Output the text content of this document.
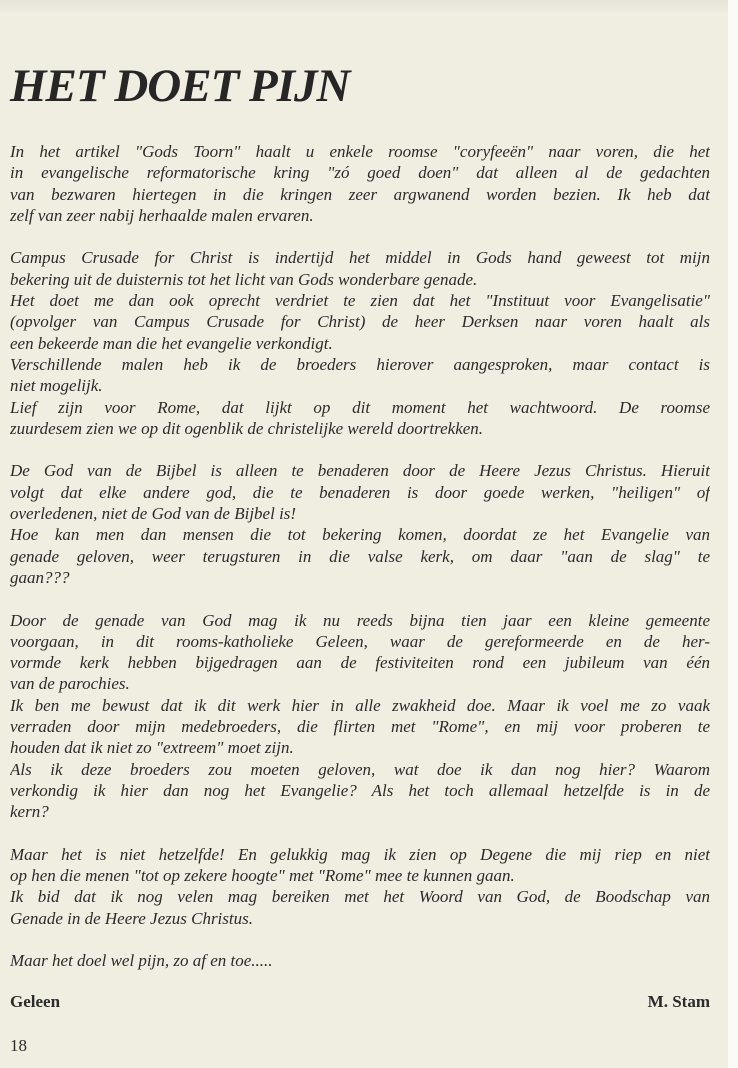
HET DOET PIJN
In het artikel "Gods Toorn" haalt u enkele roomse "coryfeeën" naar voren, die het
in evangelische reformatorische kring "zó goed doen" dat alleen al de gedachten
van bezwaren hiertegen in die kringen zeer argwanend worden bezien. Ik heb dat
zelf van zeer nabij herhaalde malen ervaren.
Campus Crusade for Christ is indertijd het middel in Gods hand geweest tot mijn
bekering uit de duisternis tot het licht van Gods wonderbare genade.
Het doet me dan ook oprecht verdriet te zien dat het "Instituut voor Evangelisatie"
(opvolger van Campus Crusade for Christ) de heer Derksen naar voren haalt als
een bekeerde man die het evangelie verkondigt.
Verschillende malen heb ik de broeders hierover aangesproken, maar contact is
niet mogelijk.
Lief zijn voor Rome, dat lijkt op dit moment het wachtwoord. De roomse
zuurdesem zien we op dit ogenblik de christelijke wereld doortrekken.
De God van de Bijbel is alleen te benaderen door de Heere Jezus Christus. Hieruit
volgt dat elke andere god, die te benaderen is door goede werken, "heiligen" of
overledenen, niet de God van de Bijbel is!
Hoe kan men dan mensen die tot bekering komen, doordat ze het Evangelie van
genade geloven, weer terugsturen in die valse kerk, om daar "aan de slag" te
gaan???
Door de genade van God mag ik nu reeds bijna tien jaar een kleine gemeente
voorgaan, in dit rooms-katholieke Geleen, waar de gereformeerde en de her-
vormde kerk hebben bijgedragen aan de festiviteiten rond een jubileum van één
van de parochies.
Ik ben me bewust dat ik dit werk hier in alle zwakheid doe. Maar ik voel me zo vaak
verraden door mijn medebroeders, die flirten met "Rome", en mij voor proberen te
houden dat ik niet zo "extreem" moet zijn.
Als ik deze broeders zou moeten geloven, wat doe ik dan nog hier? Waarom
verkondig ik hier dan nog het Evangelie? Als het toch allemaal hetzelfde is in de
kern?
Maar het is niet hetzelfde! En gelukkig mag ik zien op Degene die mij riep en niet
op hen die menen "tot op zekere hoogte" met "Rome" mee te kunnen gaan.
Ik bid dat ik nog velen mag bereiken met het Woord van God, de Boodschap van
Genade in de Heere Jezus Christus.
Maar het doel wel pijn, zo af en toe.....
Geleen	M. Stam
18
